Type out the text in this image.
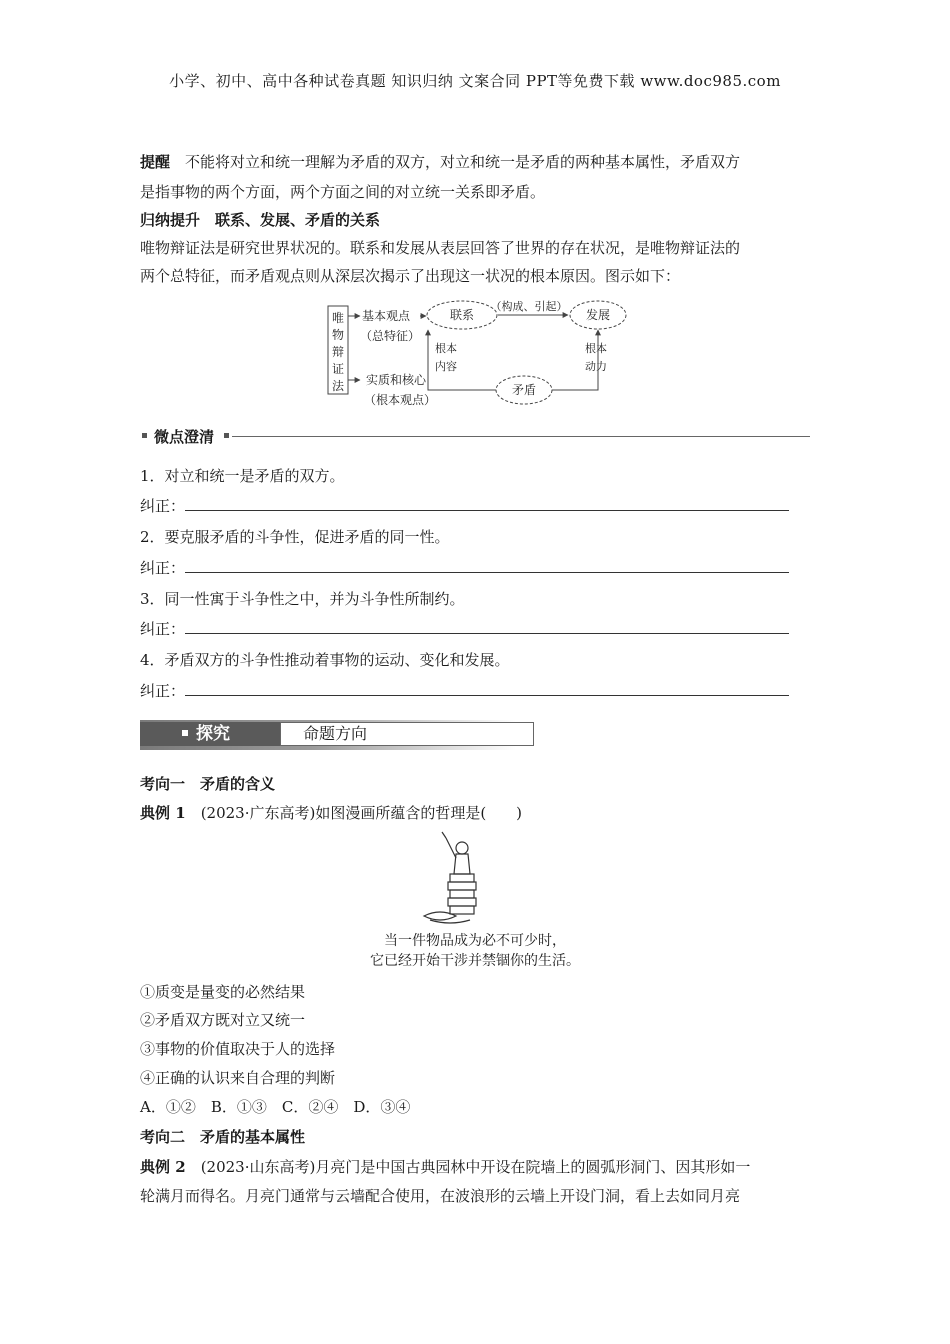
小学、初中、高中各种试卷真题 知识归纳 文案合同 PPT等免费下载 www.doc985.com
提醒　 不能将对立和统一理解为矛盾的双方，对立和统一是矛盾的两种基本属性，矛盾双方
是指事物的两个方面，两个方面之间的对立统一关系即矛盾。
归纳提升　 联系、发展、矛盾的关系
唯物辩证法是研究世界状况的。联系和发展从表层回答了世界的存在状况，是唯物辩证法的
两个总特征，而矛盾观点则从深层次揭示了出现这一状况的根本原因。图示如下：
唯
物
辩
证
法
基本观点
（总特征）
实质和核心
（根本观点）
联系	发展
（构成、引起）
矛盾
根本
内容
根本
动力
微点澄清
1．对立和统一是矛盾的双方。
纠正：
2．要克服矛盾的斗争性，促进矛盾的同一性。
纠正：
3．同一性寓于斗争性之中，并为斗争性所制约。
纠正：
4．矛盾双方的斗争性推动着事物的运动、变化和发展。
纠正：
探究	命题方向
考向一　矛盾的含义
典例 1　 (2023·广东高考)如图漫画所蕴含的哲理是(　　)
当一件物品成为必不可少时，
它已经开始干涉并禁锢你的生活。
①质变是量变的必然结果
②矛盾双方既对立又统一
③事物的价值取决于人的选择
④正确的认识来自合理的判断
A．①②　B．①③　C．②④　D．③④
考向二　矛盾的基本属性
典例 2　 (2023·山东高考)月亮门是中国古典园林中开设在院墙上的圆弧形洞门、因其形如一
轮满月而得名。月亮门通常与云墙配合使用，在波浪形的云墙上开设门洞，看上去如同月亮
